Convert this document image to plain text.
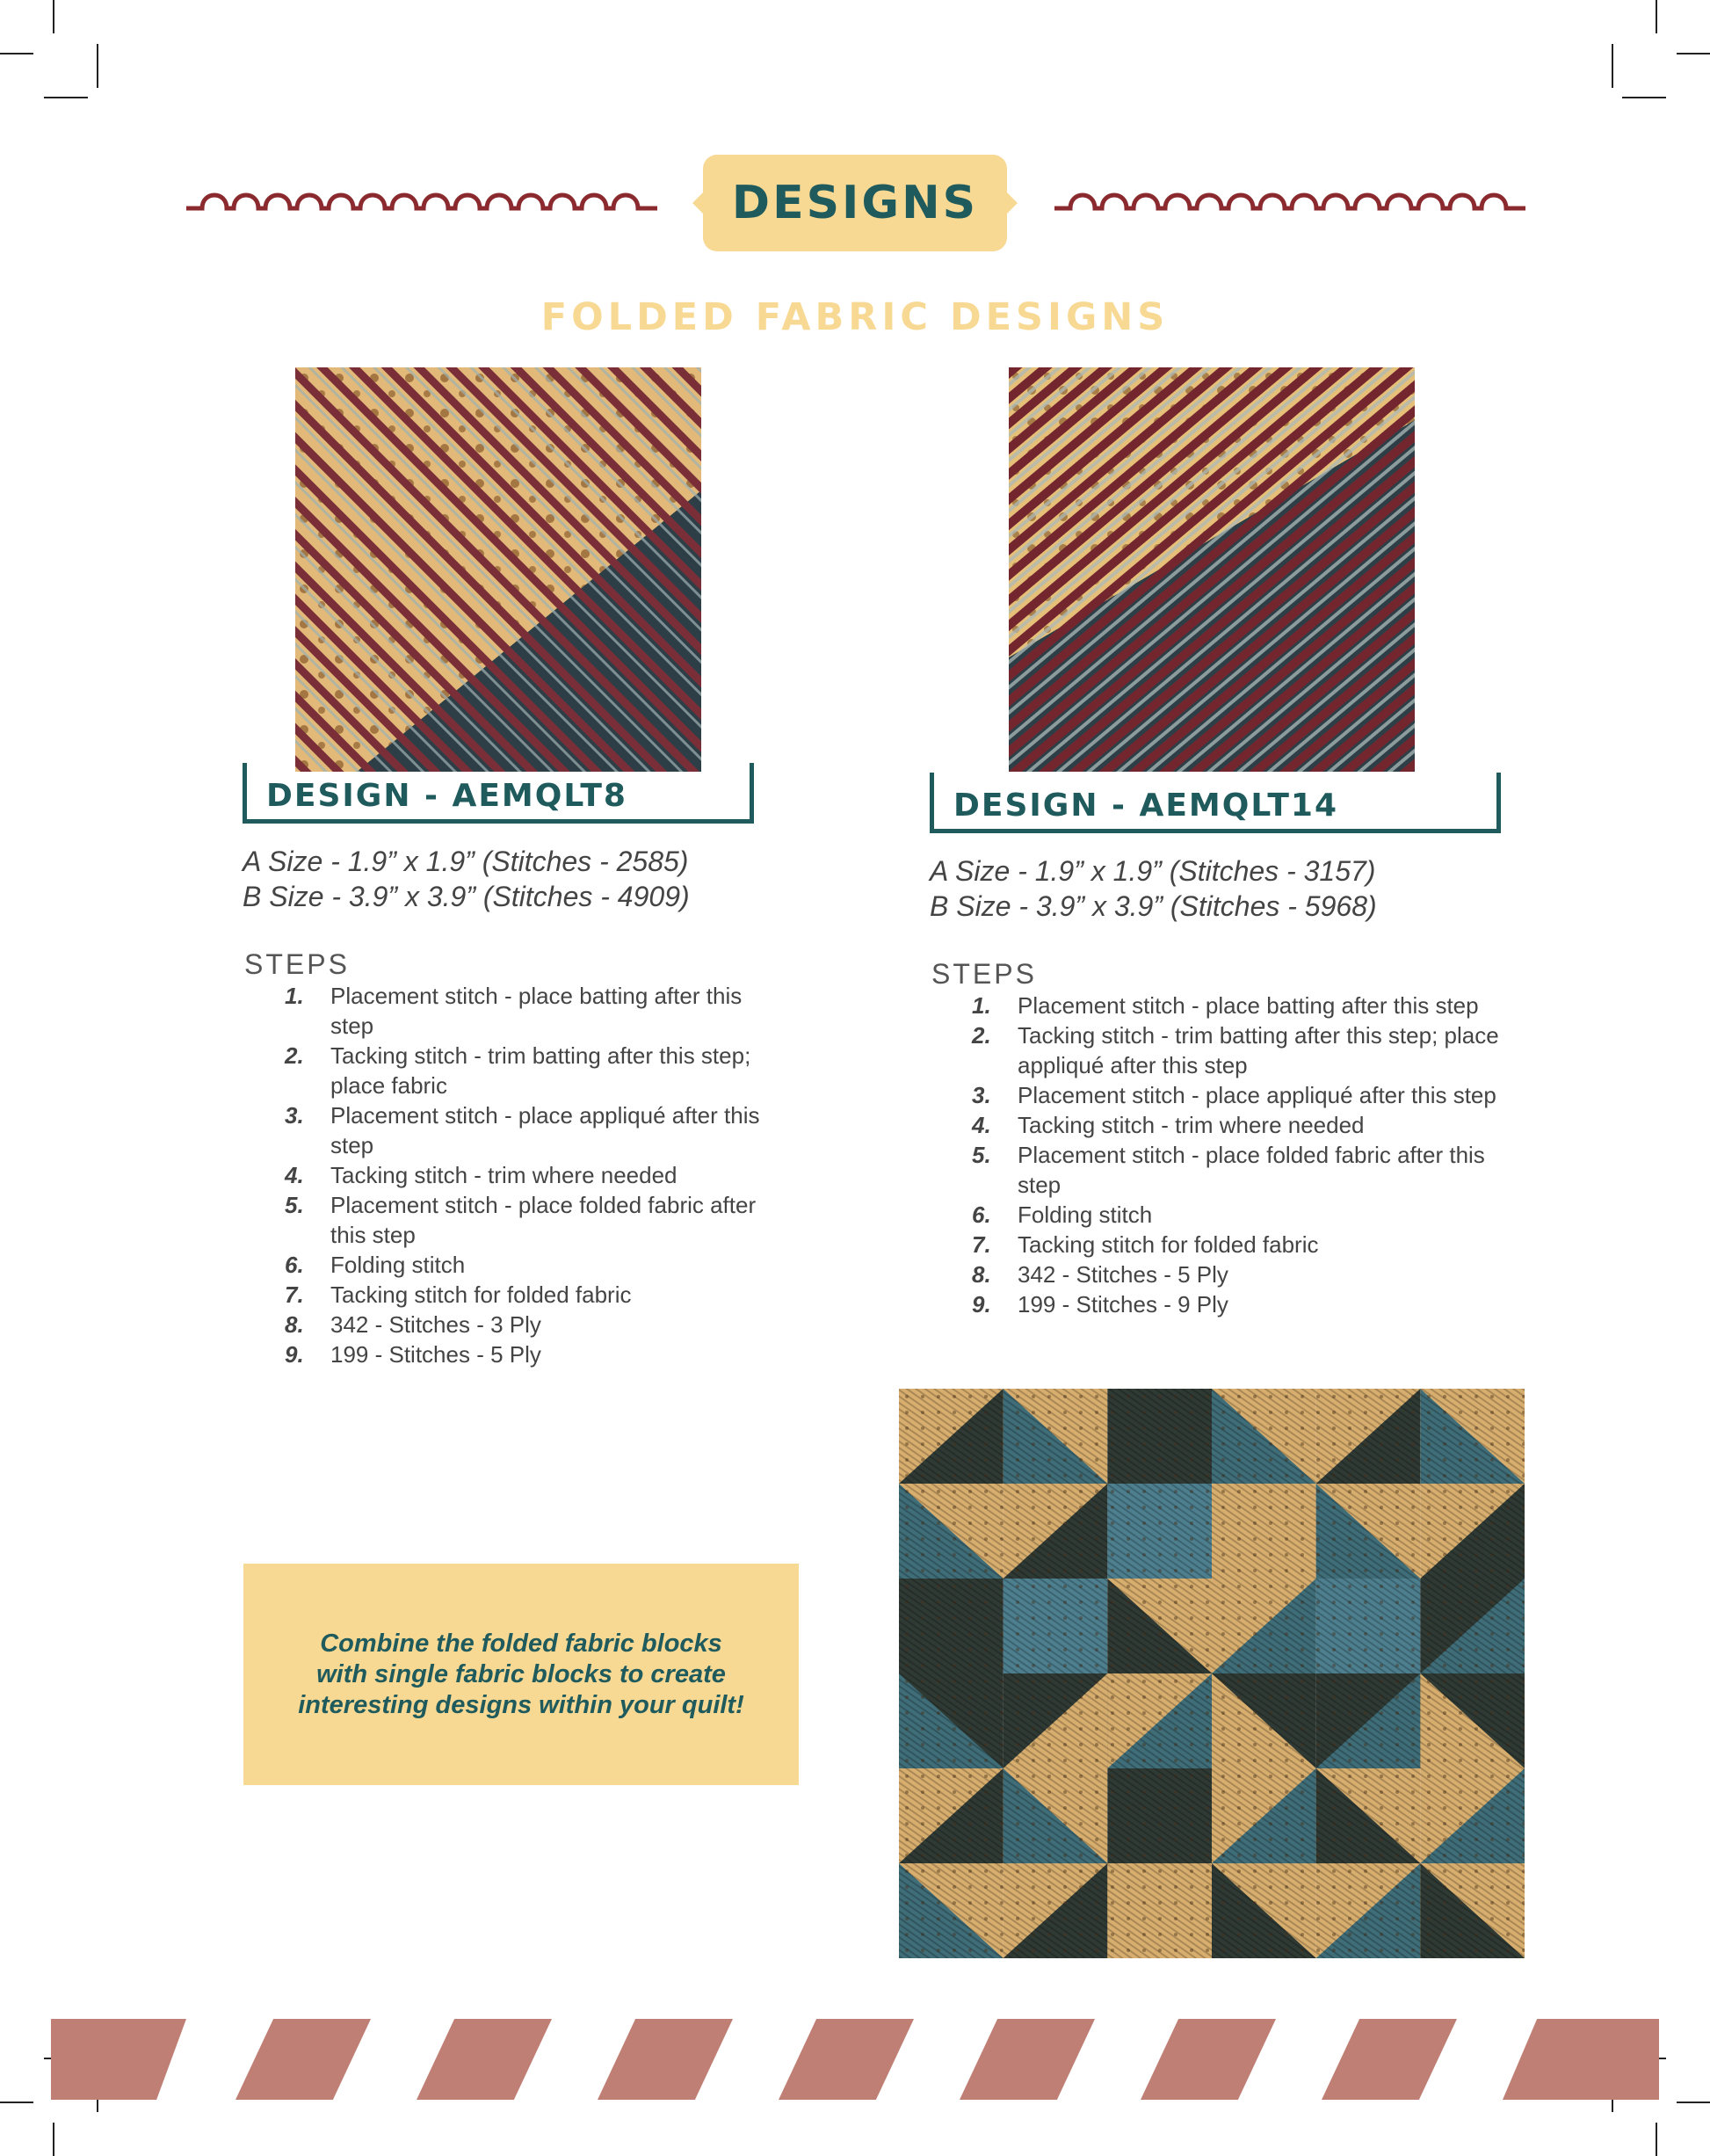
DESIGNS
FOLDED FABRIC DESIGNS
DESIGN - AEMQLT8
A Size - 1.9” x 1.9” (Stitches - 2585)
B Size - 3.9” x 3.9” (Stitches - 4909)
STEPS
1.	Placement stitch - place batting after this step
2.	Tacking stitch - trim batting after this step; place fabric
3.	Placement stitch - place appliqué after this step
4.	Tacking stitch - trim where needed
5.	Placement stitch - place folded fabric after this step
6.	Folding stitch
7.	Tacking stitch for folded fabric
8.	342 - Stitches - 3 Ply
9.	199 - Stitches - 5 Ply
DESIGN - AEMQLT14
A Size - 1.9” x 1.9” (Stitches - 3157)
B Size - 3.9” x 3.9” (Stitches - 5968)
STEPS
1.	Placement stitch - place batting after this step
2.	Tacking stitch - trim batting after this step; place appliqué after this step
3.	Placement stitch - place appliqué after this step
4.	Tacking stitch - trim where needed
5.	Placement stitch - place folded fabric after this step
6.	Folding stitch
7.	Tacking stitch for folded fabric
8.	342 - Stitches - 5 Ply
9.	199 - Stitches - 9 Ply

Combine the folded fabric blocks with single fabric blocks to create interesting designs within your quilt!
